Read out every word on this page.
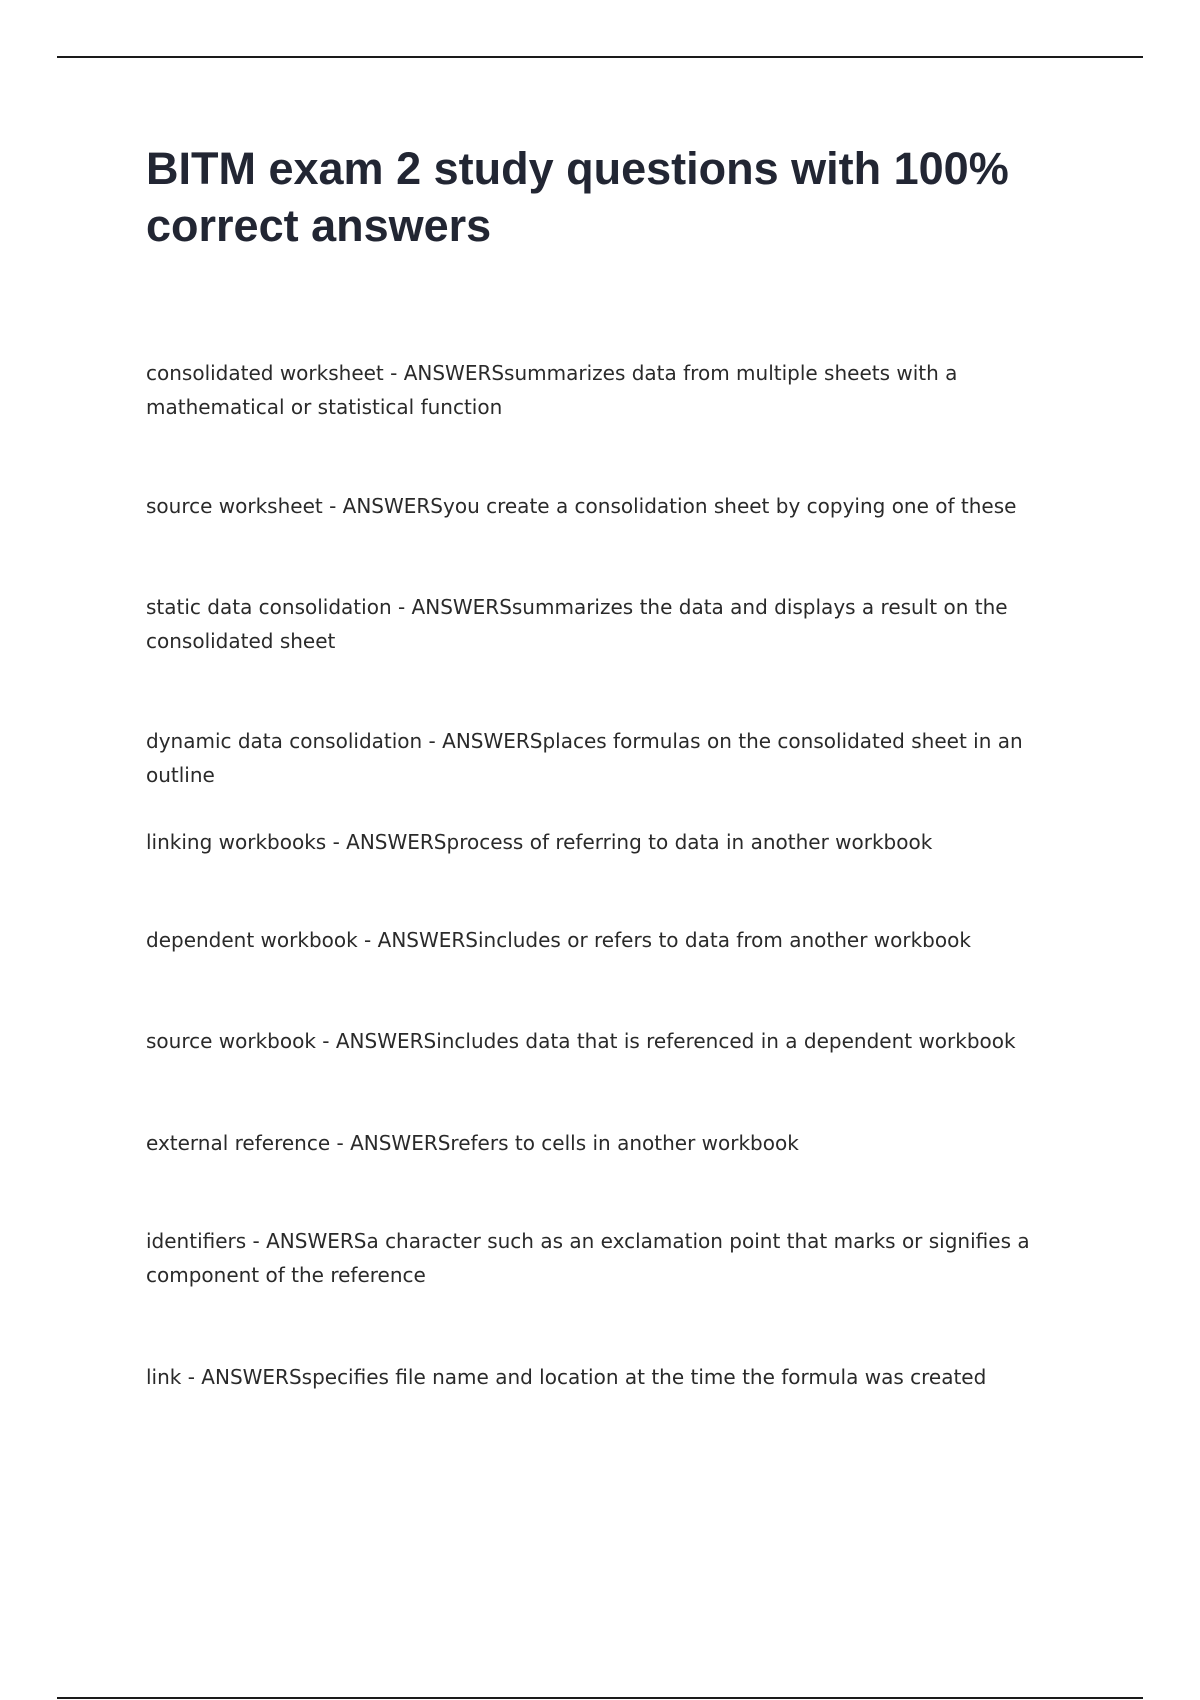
BITM exam 2 study questions with 100% correct answers

consolidated worksheet - ANSWERSsummarizes data from multiple sheets with a mathematical or statistical function

source worksheet - ANSWERSyou create a consolidation sheet by copying one of these

static data consolidation - ANSWERSsummarizes the data and displays a result on the consolidated sheet

dynamic data consolidation - ANSWERSplaces formulas on the consolidated sheet in an outline

linking workbooks - ANSWERSprocess of referring to data in another workbook

dependent workbook - ANSWERSincludes or refers to data from another workbook

source workbook - ANSWERSincludes data that is referenced in a dependent workbook

external reference - ANSWERSrefers to cells in another workbook

identifiers - ANSWERSa character such as an exclamation point that marks or signifies a component of the reference

link - ANSWERSspecifies file name and location at the time the formula was created
